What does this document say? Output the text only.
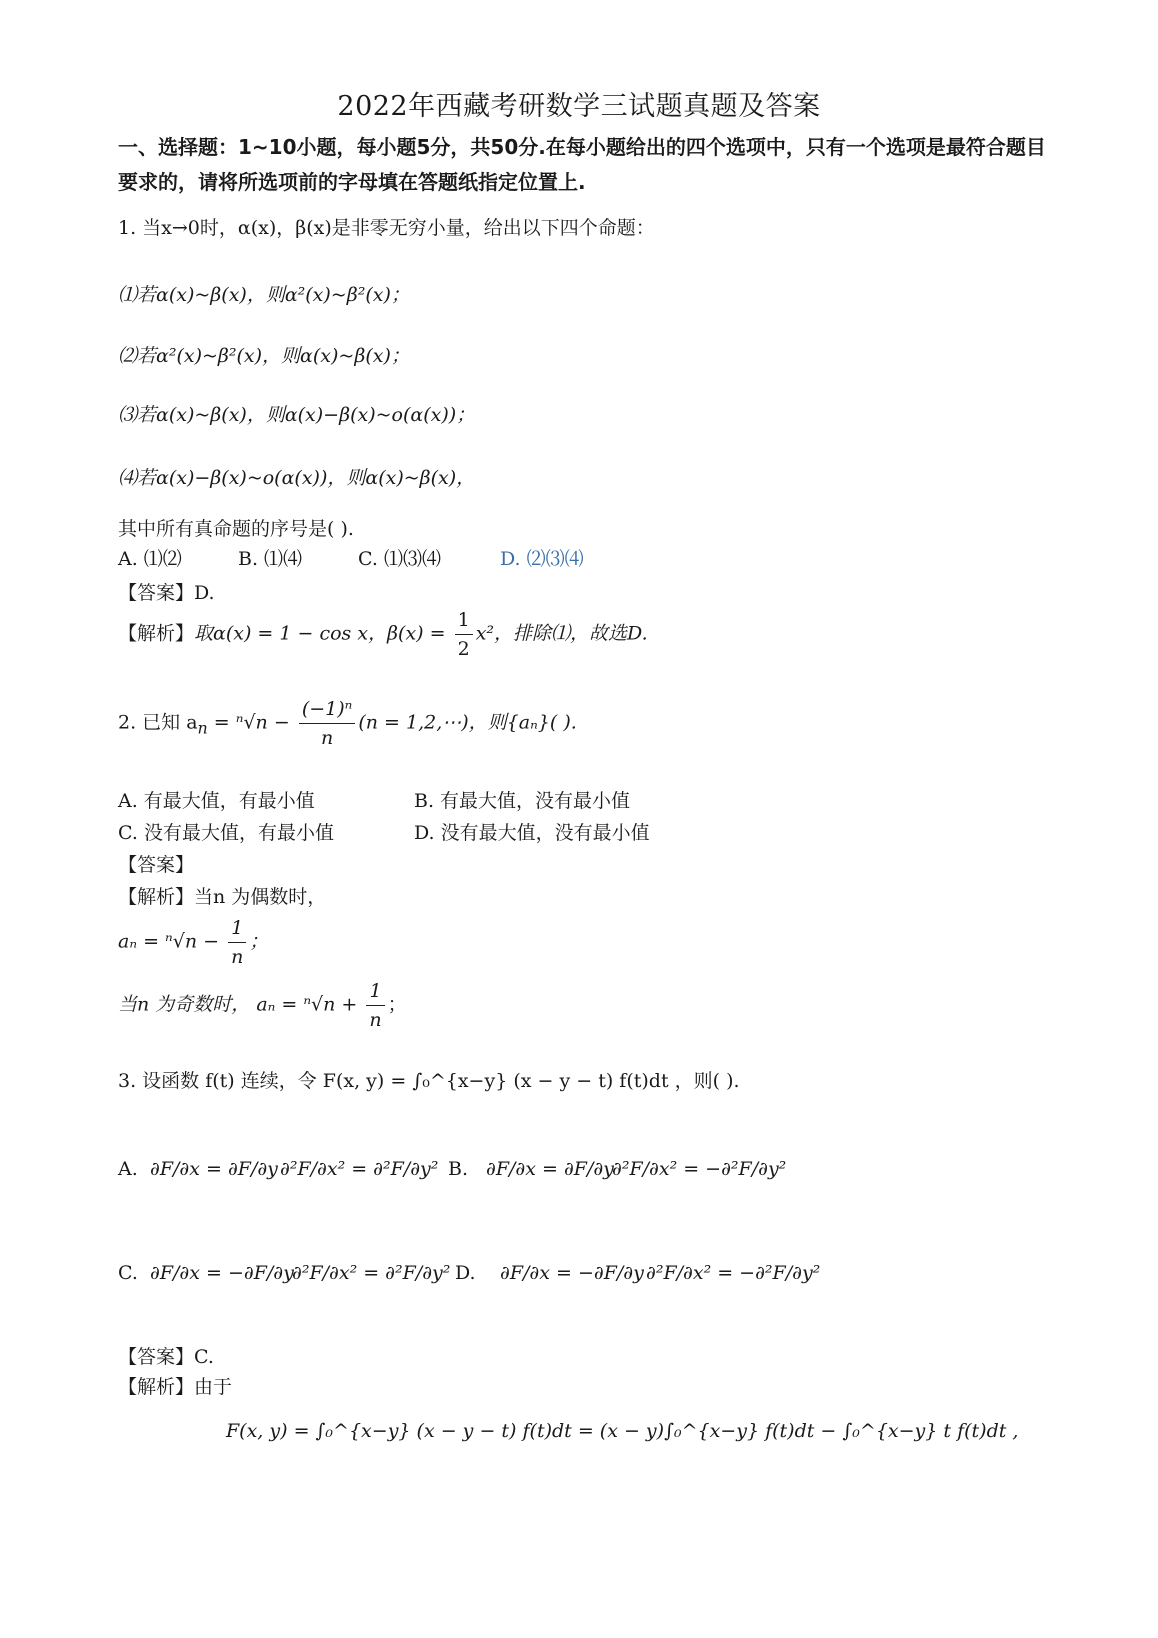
2022年西藏考研数学三试题真题及答案
一、选择题：1~10小题，每小题5分，共50分.在每小题给出的四个选项中，只有一个选项是最符合题目要求的，请将所选项前的字母填在答题纸指定位置上.
1. 当x→0时，α(x)，β(x)是非零无穷小量，给出以下四个命题：
⑴若α(x)~β(x)，则α²(x)~β²(x)；
⑵若α²(x)~β²(x)，则α(x)~β(x)；
⑶若α(x)~β(x)，则α(x)−β(x)~o(α(x))；
⑷若α(x)−β(x)~o(α(x))，则α(x)~β(x)，
其中所有真命题的序号是( ).
A. ⑴⑵	B. ⑴⑷	C. ⑴⑶⑷	D. ⑵⑶⑷
【答案】D.
【解析】取α(x) = 1 − cos x，$\beta(x) = \frac{1}{2} x^2$，排除⑴，故选D.
2. 已知 $a_n = ^n√n - \frac{\text{(−1)ⁿ}}{n} (n$ = 1,2,⋯)，则{aₙ}( ).
A. 有最大值，有最小值	B. 有最大值，没有最小值
C. 没有最大值，有最小值	D. 没有最大值，没有最小值
【答案】
【解析】当n 为偶数时，
$a_n = ^n√n - \frac{1}{n}$ ；
当n 为奇数时， $a_n = ^n√n + \frac{1}{n}$ ；
3. 设函数 f(t) 连续，令 F(x, y) = ∫₀^{x−y} (x − y − t) f(t)dt ，则( ).
A. ∂F/∂x = ∂F/∂y ∂²F/∂x² = ∂²F/∂y² B. ∂F/∂x = ∂F/∂y
∂²F/∂x² = −∂²F/∂y²
C. ∂F/∂x = −∂F/∂y
∂²F/∂x² = ∂²F/∂y² D. ∂F/∂x = −∂F/∂y ∂²F/∂x² = −∂²F/∂y²
【答案】C.
【解析】由于
F(x, y) = ∫₀^{x−y} (x − y − t) f(t)dt = (x − y)∫₀^{x−y} f(t)dt − ∫₀^{x−y} t f(t)dt ,
